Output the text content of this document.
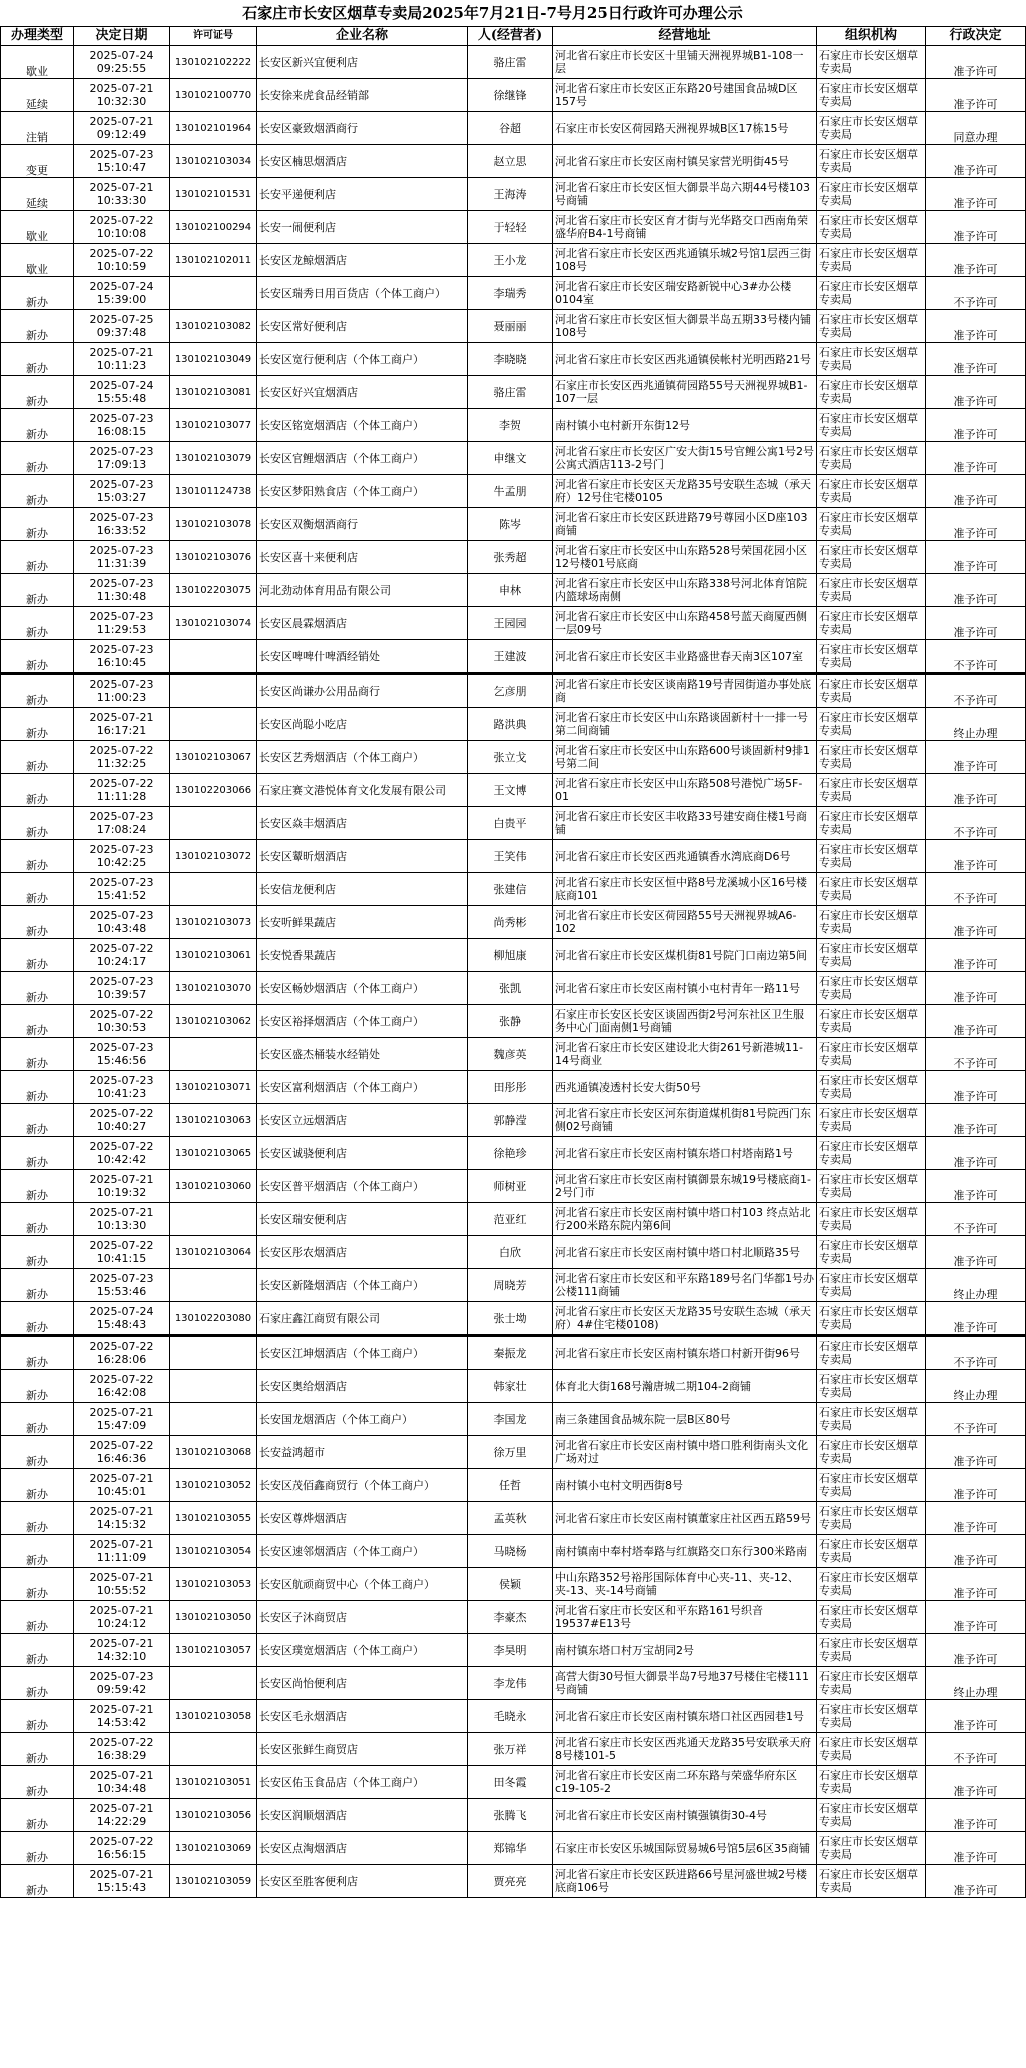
石家庄市长安区烟草专卖局2025年7月21日-7号月25日行政许可办理公示
办理类型	决定日期	许可证号	企业名称	人(经营者)	经营地址	组织机构	行政决定
歇业	2025-07-24 09:25:55	130102102222	长安区新兴宜便利店	骆庄雷	河北省石家庄市长安区十里铺天洲视界城B1-108一层	石家庄市长安区烟草专卖局	准予许可
延续	2025-07-21 10:32:30	130102100770	长安徐来虎食品经销部	徐继锋	河北省石家庄市长安区正东路20号建国食品城D区157号	石家庄市长安区烟草专卖局	准予许可
注销	2025-07-21 09:12:49	130102101964	长安区豪致烟酒商行	谷超	石家庄市长安区荷园路天洲视界城B区17栋15号	石家庄市长安区烟草专卖局	同意办理
变更	2025-07-23 15:10:47	130102103034	长安区楠思烟酒店	赵立思	河北省石家庄市长安区南村镇吴家营光明街45号	石家庄市长安区烟草专卖局	准予许可
延续	2025-07-21 10:33:30	130102101531	长安平递便利店	王海涛	河北省石家庄市长安区恒大御景半岛六期44号楼103号商铺	石家庄市长安区烟草专卖局	准予许可
歇业	2025-07-22 10:10:08	130102100294	长安一闹便利店	于轻轻	河北省石家庄市长安区育才街与光华路交口西南角荣盛华府B4-1号商铺	石家庄市长安区烟草专卖局	准予许可
歇业	2025-07-22 10:10:59	130102102011	长安区龙鲸烟酒店	王小龙	河北省石家庄市长安区西兆通镇乐城2号馆1层西三街108号	石家庄市长安区烟草专卖局	准予许可
新办	2025-07-24 15:39:00		长安区瑞秀日用百货店（个体工商户）	李瑞秀	河北省石家庄市长安区瑞安路新锐中心3#办公楼0104室	石家庄市长安区烟草专卖局	不予许可
新办	2025-07-25 09:37:48	130102103082	长安区常好便利店	聂丽丽	河北省石家庄市长安区恒大御景半岛五期33号楼内铺108号	石家庄市长安区烟草专卖局	准予许可
新办	2025-07-21 10:11:23	130102103049	长安区宽行便利店（个体工商户）	李晓晓	河北省石家庄市长安区西兆通镇侯帐村光明西路21号	石家庄市长安区烟草专卖局	准予许可
新办	2025-07-24 15:55:48	130102103081	长安区好兴宜烟酒店	骆庄雷	石家庄市长安区西兆通镇荷园路55号天洲视界城B1-107一层	石家庄市长安区烟草专卖局	准予许可
新办	2025-07-23 16:08:15	130102103077	长安区铭宽烟酒店（个体工商户）	李贺	南村镇小屯村新开东街12号	石家庄市长安区烟草专卖局	准予许可
新办	2025-07-23 17:09:13	130102103079	长安区官鲤烟酒店（个体工商户）	申继文	河北省石家庄市长安区广安大街15号官鲤公寓1号2号公寓式酒店113-2号门	石家庄市长安区烟草专卖局	准予许可
新办	2025-07-23 15:03:27	130101124738	长安区梦阳熟食店（个体工商户）	牛孟朋	河北省石家庄市长安区天龙路35号安联生态城（承天府）12号住宅楼0105	石家庄市长安区烟草专卖局	准予许可
新办	2025-07-23 16:33:52	130102103078	长安区双衡烟酒商行	陈岑	河北省石家庄市长安区跃进路79号尊园小区D座103商铺	石家庄市长安区烟草专卖局	准予许可
新办	2025-07-23 11:31:39	130102103076	长安区喜十来便利店	张秀超	河北省石家庄市长安区中山东路528号荣国花园小区12号楼01号底商	石家庄市长安区烟草专卖局	准予许可
新办	2025-07-23 11:30:48	130102203075	河北劲动体育用品有限公司	申林	河北省石家庄市长安区中山东路338号河北体育馆院内篮球场南侧	石家庄市长安区烟草专卖局	准予许可
新办	2025-07-23 11:29:53	130102103074	长安区晨霖烟酒店	王园园	河北省石家庄市长安区中山东路458号蓝天商厦西侧一层09号	石家庄市长安区烟草专卖局	准予许可
新办	2025-07-23 16:10:45		长安区啤啤什啤酒经销处	王建波	河北省石家庄市长安区丰业路盛世春天南3区107室	石家庄市长安区烟草专卖局	不予许可
新办	2025-07-23 11:00:23		长安区尚谦办公用品商行	乞彦朋	河北省石家庄市长安区谈南路19号青园街道办事处底商	石家庄市长安区烟草专卖局	不予许可
新办	2025-07-21 16:17:21		长安区尚聪小吃店	路洪典	河北省石家庄市长安区中山东路谈固新村十一排一号第二间商铺	石家庄市长安区烟草专卖局	终止办理
新办	2025-07-22 11:32:25	130102103067	长安区艺秀烟酒店（个体工商户）	张立戈	河北省石家庄市长安区中山东路600号谈固新村9排1号第二间	石家庄市长安区烟草专卖局	准予许可
新办	2025-07-22 11:11:28	130102203066	石家庄赛文港悦体育文化发展有限公司	王文博	河北省石家庄市长安区中山东路508号港悦广场5F-01	石家庄市长安区烟草专卖局	准予许可
新办	2025-07-23 17:08:24		长安区焱丰烟酒店	白贵平	河北省石家庄市长安区丰收路33号建安商住楼1号商铺	石家庄市长安区烟草专卖局	不予许可
新办	2025-07-23 10:42:25	130102103072	长安区颦昕烟酒店	王笑伟	河北省石家庄市长安区西兆通镇香水湾底商D6号	石家庄市长安区烟草专卖局	准予许可
新办	2025-07-23 15:41:52		长安信龙便利店	张建信	河北省石家庄市长安区恒中路8号龙溪城小区16号楼底商101	石家庄市长安区烟草专卖局	不予许可
新办	2025-07-23 10:43:48	130102103073	长安听鲜果蔬店	尚秀彬	河北省石家庄市长安区荷园路55号天洲视界城A6-102	石家庄市长安区烟草专卖局	准予许可
新办	2025-07-22 10:24:17	130102103061	长安悦香果蔬店	柳旭康	河北省石家庄市长安区煤机街81号院门口南边第5间	石家庄市长安区烟草专卖局	准予许可
新办	2025-07-23 10:39:57	130102103070	长安区畅妙烟酒店（个体工商户）	张凯	河北省石家庄市长安区南村镇小屯村青年一路11号	石家庄市长安区烟草专卖局	准予许可
新办	2025-07-22 10:30:53	130102103062	长安区裕择烟酒店（个体工商户）	张静	石家庄市长安区长安区谈固西街2号河东社区卫生服务中心门面南侧1号商铺	石家庄市长安区烟草专卖局	准予许可
新办	2025-07-23 15:46:56		长安区盛杰桶装水经销处	魏彦英	河北省石家庄市长安区建设北大街261号新港城11-14号商业	石家庄市长安区烟草专卖局	不予许可
新办	2025-07-23 10:41:23	130102103071	长安区富利烟酒店（个体工商户）	田彤彤	西兆通镇凌透村长安大街50号	石家庄市长安区烟草专卖局	准予许可
新办	2025-07-22 10:40:27	130102103063	长安区立远烟酒店	郭静滢	河北省石家庄市长安区河东街道煤机街81号院西门东侧02号商铺	石家庄市长安区烟草专卖局	准予许可
新办	2025-07-22 10:42:42	130102103065	长安区诚骁便利店	徐艳珍	河北省石家庄市长安区南村镇东塔口村塔南路1号	石家庄市长安区烟草专卖局	准予许可
新办	2025-07-21 10:19:32	130102103060	长安区普平烟酒店（个体工商户）	师树亚	河北省石家庄市长安区南村镇御景东城19号楼底商1-2号门市	石家庄市长安区烟草专卖局	准予许可
新办	2025-07-21 10:13:30		长安区瑞安便利店	范亚红	河北省石家庄市长安区南村镇中塔口村103 终点站北行200米路东院内第6间	石家庄市长安区烟草专卖局	不予许可
新办	2025-07-22 10:41:15	130102103064	长安区彤农烟酒店	白欣	河北省石家庄市长安区南村镇中塔口村北顺路35号	石家庄市长安区烟草专卖局	准予许可
新办	2025-07-23 15:53:46		长安区新隆烟酒店（个体工商户）	周晓芳	河北省石家庄市长安区和平东路189号名门华都1号办公楼111商铺	石家庄市长安区烟草专卖局	终止办理
新办	2025-07-24 15:48:43	130102203080	石家庄鑫江商贸有限公司	张士坳	河北省石家庄市长安区天龙路35号安联生态城（承天府）4#住宅楼0108)	石家庄市长安区烟草专卖局	准予许可
新办	2025-07-22 16:28:06		长安区江坤烟酒店（个体工商户）	秦振龙	河北省石家庄市长安区南村镇东塔口村新开街96号	石家庄市长安区烟草专卖局	不予许可
新办	2025-07-22 16:42:08		长安区奥给烟酒店	韩家壮	体育北大街168号瀚唐城二期104-2商铺	石家庄市长安区烟草专卖局	终止办理
新办	2025-07-21 15:47:09		长安国龙烟酒店（个体工商户）	李国龙	南三条建国食品城东院一层B区80号	石家庄市长安区烟草专卖局	不予许可
新办	2025-07-22 16:46:36	130102103068	长安益鸿超市	徐万里	河北省石家庄市长安区南村镇中塔口胜利街南头文化广场对过	石家庄市长安区烟草专卖局	准予许可
新办	2025-07-21 10:45:01	130102103052	长安区茂佰鑫商贸行（个体工商户）	任哲	南村镇小屯村文明西街8号	石家庄市长安区烟草专卖局	准予许可
新办	2025-07-21 14:15:32	130102103055	长安区尊烨烟酒店	孟英秋	河北省石家庄市长安区南村镇董家庄社区西五路59号	石家庄市长安区烟草专卖局	准予许可
新办	2025-07-21 11:11:09	130102103054	长安区速邻烟酒店（个体工商户）	马晓杨	南村镇南中奉村塔奉路与红旗路交口东行300米路南	石家庄市长安区烟草专卖局	准予许可
新办	2025-07-21 10:55:52	130102103053	长安区航顽商贸中心（个体工商户）	侯颖	中山东路352号裕彤国际体育中心夹-11、夹-12、夹-13、夹-14号商铺	石家庄市长安区烟草专卖局	准予许可
新办	2025-07-21 10:24:12	130102103050	长安区子沐商贸店	李豪杰	河北省石家庄市长安区和平东路161号织音19537#E13号	石家庄市长安区烟草专卖局	准予许可
新办	2025-07-21 14:32:10	130102103057	长安区璞宽烟酒店（个体工商户）	李昊明	南村镇东塔口村万宝胡同2号	石家庄市长安区烟草专卖局	准予许可
新办	2025-07-23 09:59:42		长安区尚怡便利店	李龙伟	高营大街30号恒大御景半岛7号地37号楼住宅楼111号商铺	石家庄市长安区烟草专卖局	终止办理
新办	2025-07-21 14:53:42	130102103058	长安区毛永烟酒店	毛晓永	河北省石家庄市长安区南村镇东塔口社区西园巷1号	石家庄市长安区烟草专卖局	准予许可
新办	2025-07-22 16:38:29		长安区张鲜生商贸店	张万祥	河北省石家庄市长安区西兆通天龙路35号安联承天府8号楼101-5	石家庄市长安区烟草专卖局	不予许可
新办	2025-07-21 10:34:48	130102103051	长安区佑玉食品店（个体工商户）	田冬霞	河北省石家庄市长安区南二环东路与荣盛华府东区c19-105-2	石家庄市长安区烟草专卖局	准予许可
新办	2025-07-21 14:22:29	130102103056	长安区润顺烟酒店	张腾飞	河北省石家庄市长安区南村镇强镇街30-4号	石家庄市长安区烟草专卖局	准予许可
新办	2025-07-22 16:56:15	130102103069	长安区点淘烟酒店	郑锦华	石家庄市长安区乐城国际贸易城6号馆5层6区35商铺	石家庄市长安区烟草专卖局	准予许可
新办	2025-07-21 15:15:43	130102103059	长安区至胜客便利店	贾亮亮	河北省石家庄市长安区跃进路66号星河盛世城2号楼底商106号	石家庄市长安区烟草专卖局	准予许可
